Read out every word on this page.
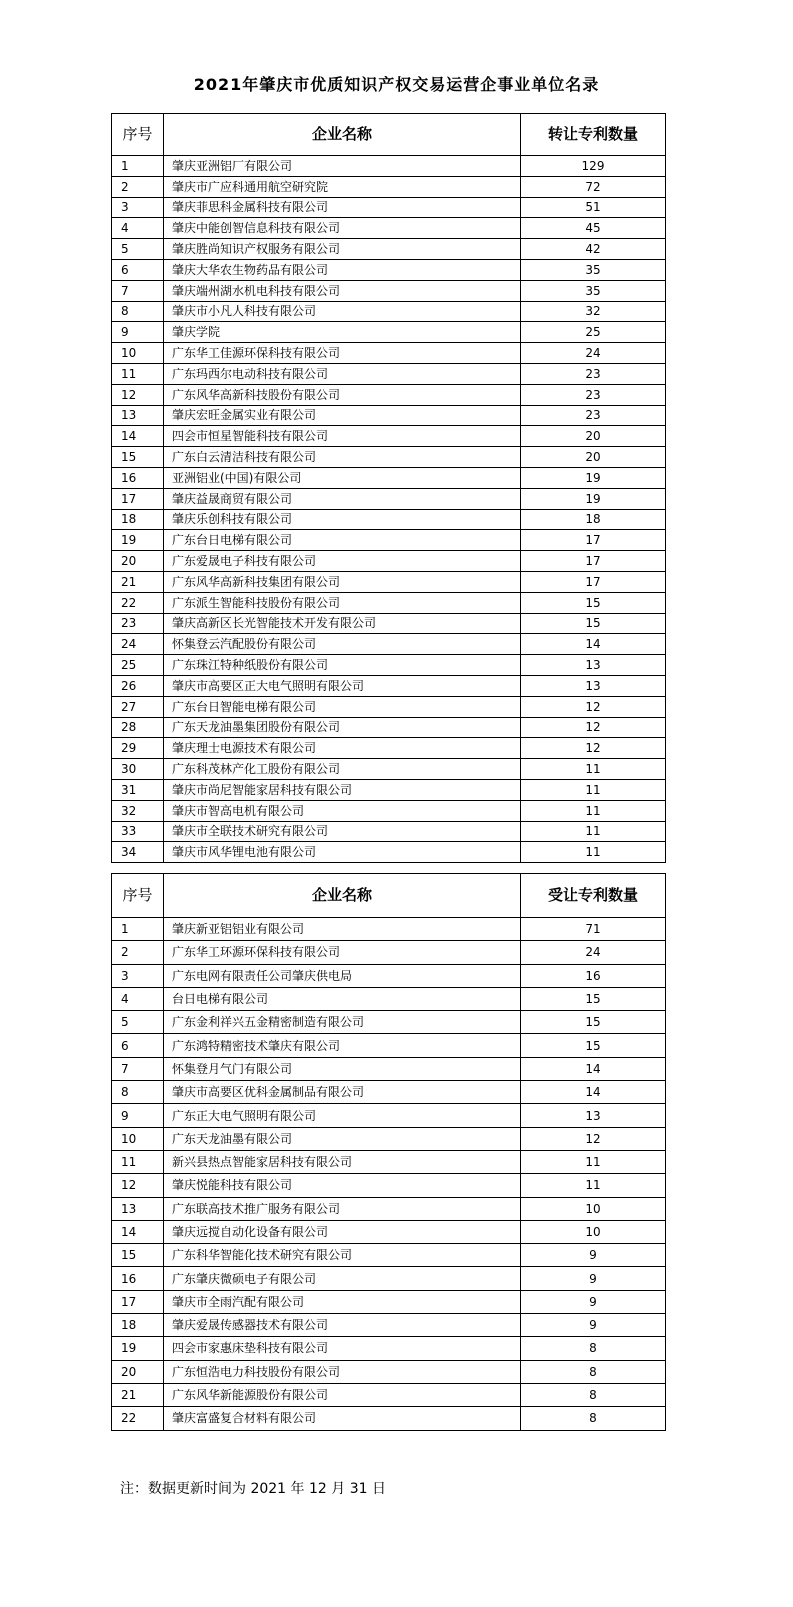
2021年肇庆市优质知识产权交易运营企事业单位名录
序号	企业名称	转让专利数量
1	肇庆亚洲铝厂有限公司	129
2	肇庆市广应科通用航空研究院	72
3	肇庆菲思科金属科技有限公司	51
4	肇庆中能创智信息科技有限公司	45
5	肇庆胜尚知识产权服务有限公司	42
6	肇庆大华农生物药品有限公司	35
7	肇庆端州湖水机电科技有限公司	35
8	肇庆市小凡人科技有限公司	32
9	肇庆学院	25
10	广东华工佳源环保科技有限公司	24
11	广东玛西尔电动科技有限公司	23
12	广东风华高新科技股份有限公司	23
13	肇庆宏旺金属实业有限公司	23
14	四会市恒星智能科技有限公司	20
15	广东白云清洁科技有限公司	20
16	亚洲铝业(中国)有限公司	19
17	肇庆益晟商贸有限公司	19
18	肇庆乐创科技有限公司	18
19	广东台日电梯有限公司	17
20	广东爱晟电子科技有限公司	17
21	广东风华高新科技集团有限公司	17
22	广东派生智能科技股份有限公司	15
23	肇庆高新区长光智能技术开发有限公司	15
24	怀集登云汽配股份有限公司	14
25	广东珠江特种纸股份有限公司	13
26	肇庆市高要区正大电气照明有限公司	13
27	广东台日智能电梯有限公司	12
28	广东天龙油墨集团股份有限公司	12
29	肇庆理士电源技术有限公司	12
30	广东科茂林产化工股份有限公司	11
31	肇庆市尚尼智能家居科技有限公司	11
32	肇庆市智高电机有限公司	11
33	肇庆市全联技术研究有限公司	11
34	肇庆市风华锂电池有限公司	11
序号	企业名称	受让专利数量
1	肇庆新亚铝铝业有限公司	71
2	广东华工环源环保科技有限公司	24
3	广东电网有限责任公司肇庆供电局	16
4	台日电梯有限公司	15
5	广东金利祥兴五金精密制造有限公司	15
6	广东鸿特精密技术肇庆有限公司	15
7	怀集登月气门有限公司	14
8	肇庆市高要区优科金属制品有限公司	14
9	广东正大电气照明有限公司	13
10	广东天龙油墨有限公司	12
11	新兴县热点智能家居科技有限公司	11
12	肇庆悦能科技有限公司	11
13	广东联高技术推广服务有限公司	10
14	肇庆远搅自动化设备有限公司	10
15	广东科华智能化技术研究有限公司	9
16	广东肇庆微硕电子有限公司	9
17	肇庆市全雨汽配有限公司	9
18	肇庆爱晟传感器技术有限公司	9
19	四会市家惠床垫科技有限公司	8
20	广东恒浩电力科技股份有限公司	8
21	广东风华新能源股份有限公司	8
22	肇庆富盛复合材料有限公司	8
注：数据更新时间为 2021 年 12 月 31 日
